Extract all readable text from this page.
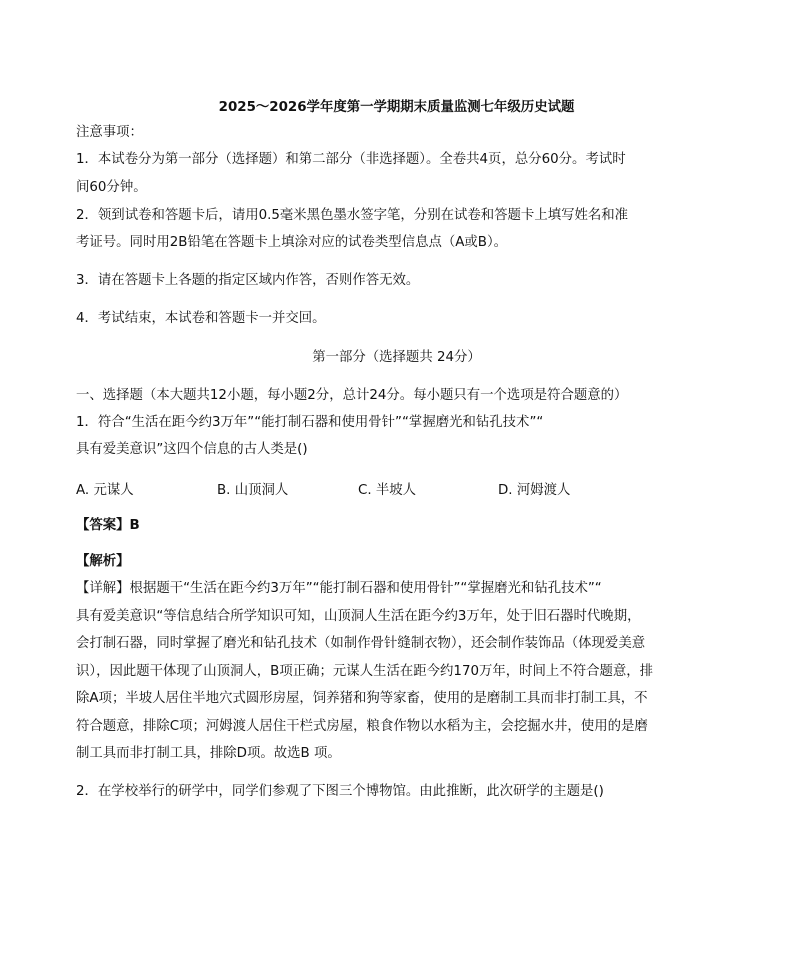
2025～2026学年度第一学期期末质量监测七年级历史试题
注意事项：
1．本试卷分为第一部分（选择题）和第二部分（非选择题）。全卷共4页，总分60分。考试时
间60分钟。
2．领到试卷和答题卡后，请用0.5毫米黑色墨水签字笔，分别在试卷和答题卡上填写姓名和准
考证号。同时用2B铅笔在答题卡上填涂对应的试卷类型信息点（A或B）。
3．请在答题卡上各题的指定区域内作答，否则作答无效。
4．考试结束，本试卷和答题卡一并交回。
第一部分（选择题共 24分）
一、选择题（本大题共12小题，每小题2分，总计24分。每小题只有一个选项是符合题意的）
1．符合“生活在距今约3万年”“能打制石器和使用骨针”“掌握磨光和钻孔技术”“
具有爱美意识”这四个信息的古人类是()
A. 元谋人	B. 山顶洞人	C. 半坡人	D. 河姆渡人
【答案】B
【解析】
【详解】根据题干“生活在距今约3万年”“能打制石器和使用骨针”“掌握磨光和钻孔技术”“
具有爱美意识“等信息结合所学知识可知，山顶洞人生活在距今约3万年，处于旧石器时代晚期，
会打制石器，同时掌握了磨光和钻孔技术（如制作骨针缝制衣物），还会制作装饰品（体现爱美意
识），因此题干体现了山顶洞人，B项正确；元谋人生活在距今约170万年，时间上不符合题意，排
除A项；半坡人居住半地穴式圆形房屋，饲养猪和狗等家畜，使用的是磨制工具而非打制工具，不
符合题意，排除C项；河姆渡人居住干栏式房屋，粮食作物以水稻为主，会挖掘水井，使用的是磨
制工具而非打制工具，排除D项。故选B 项。
2．在学校举行的研学中，同学们参观了下图三个博物馆。由此推断，此次研学的主题是()
